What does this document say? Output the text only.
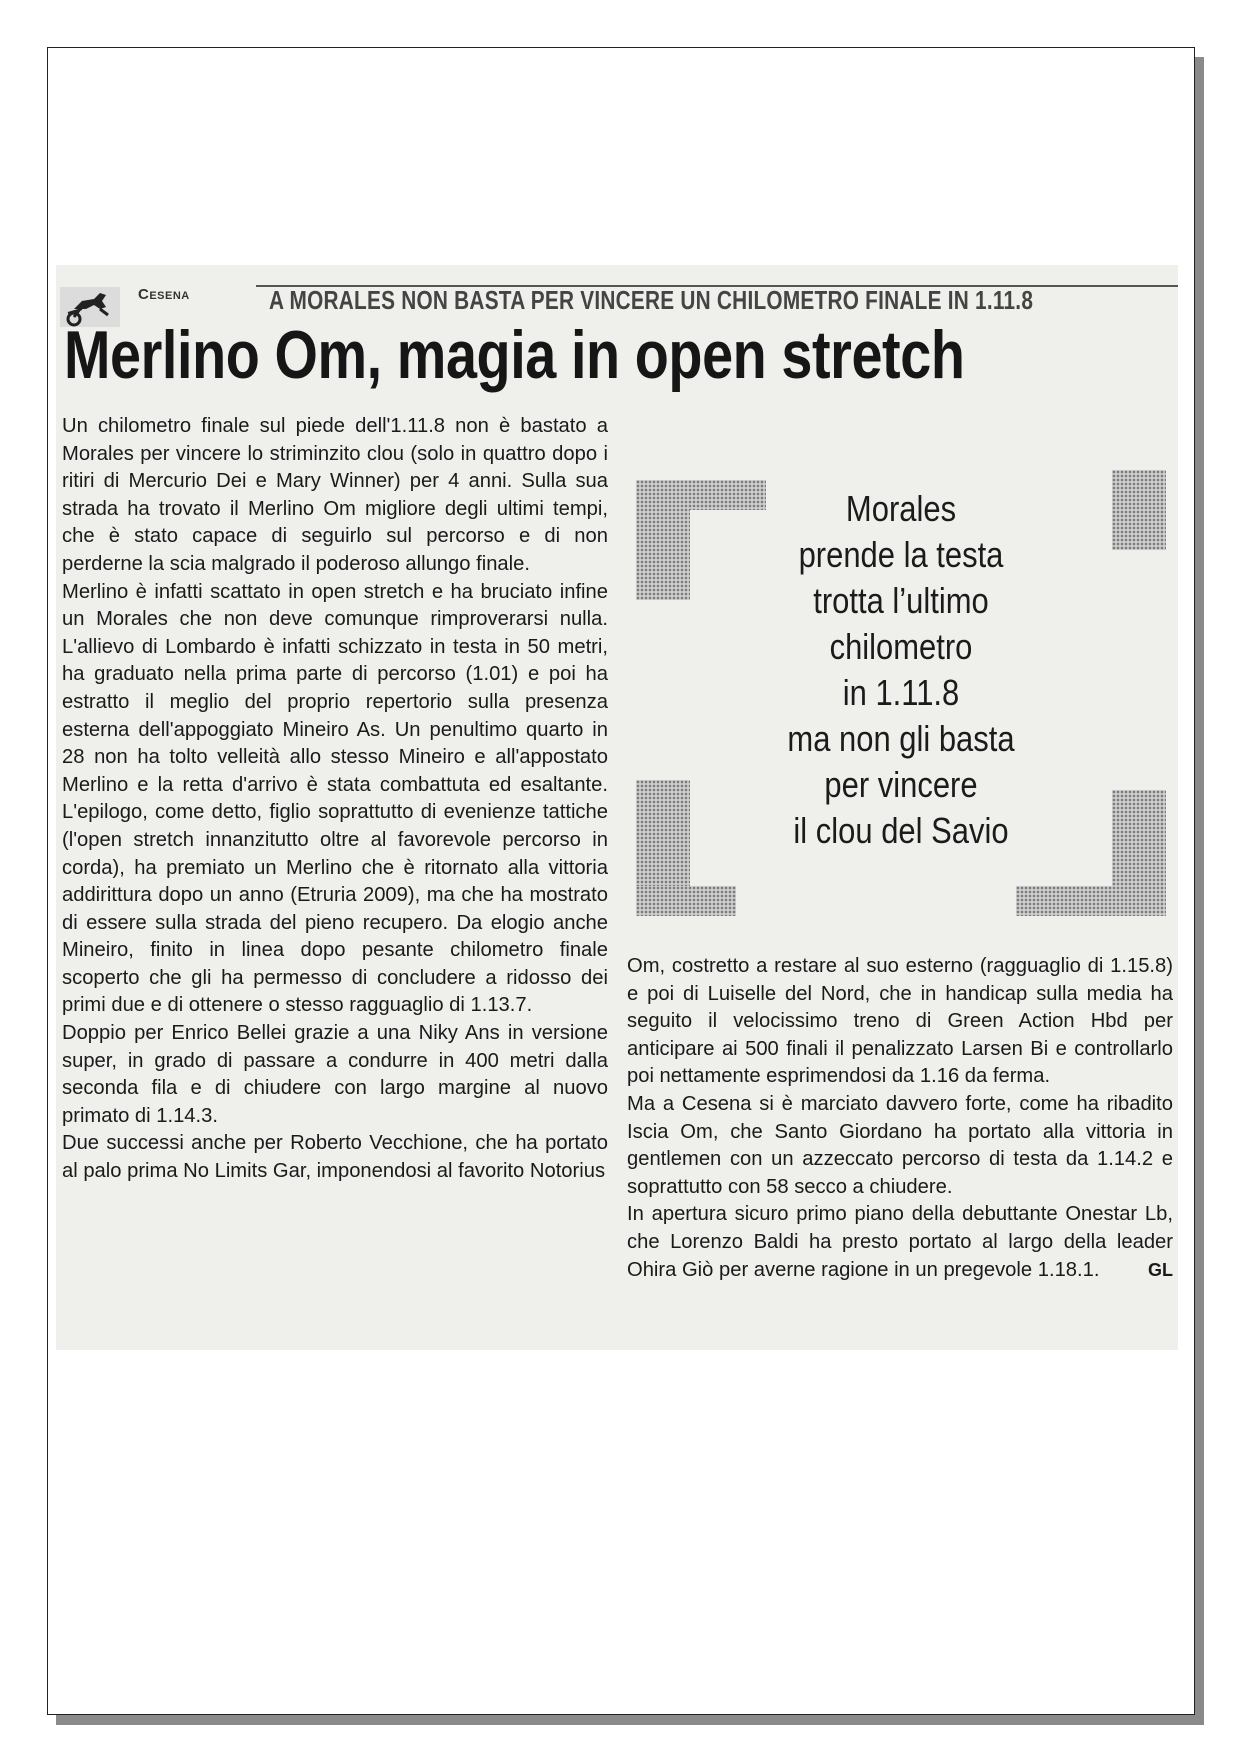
Cesena	A MORALES NON BASTA PER VINCERE UN CHILOMETRO FINALE IN 1.11.8
Merlino Om, magia in open stretch

Un chilometro finale sul piede dell'1.11.8 non è bastato a Morales per vincere lo striminzito clou (solo in quattro dopo i ritiri di Mercurio Dei e Mary Winner) per 4 anni. Sulla sua strada ha trovato il Merlino Om migliore degli ultimi tempi, che è stato capace di seguirlo sul percorso e di non perderne la scia malgrado il poderoso allungo finale.

Merlino è infatti scattato in open stretch e ha bruciato infine un Morales che non deve comunque rimproverarsi nulla. L'allievo di Lombardo è infatti schizzato in testa in 50 metri, ha graduato nella prima parte di percorso (1.01) e poi ha estratto il meglio del proprio repertorio sulla presenza esterna dell'appoggiato Mineiro As. Un penultimo quarto in 28 non ha tolto velleità allo stesso Mineiro e all'appostato Merlino e la retta d'arrivo è stata combattuta ed esaltante. L'epilogo, come detto, figlio soprattutto di evenienze tattiche (l'open stretch innanzitutto oltre al favorevole percorso in corda), ha premiato un Merlino che è ritornato alla vittoria addirittura dopo un anno (Etruria 2009), ma che ha mostrato di essere sulla strada del pieno recupero. Da elogio anche Mineiro, finito in linea dopo pesante chilometro finale scoperto che gli ha permesso di concludere a ridosso dei primi due e di ottenere o stesso ragguaglio di 1.13.7.

Doppio per Enrico Bellei grazie a una Niky Ans in versione super, in grado di passare a condurre in 400 metri dalla seconda fila e di chiudere con largo margine al nuovo primato di 1.14.3.

Due successi anche per Roberto Vecchione, che ha portato al palo prima No Limits Gar, imponendosi al favorito Notorius

Morales
prende la testa
trotta l’ultimo
chilometro
in 1.11.8
ma non gli basta
per vincere
il clou del Savio

Om, costretto a restare al suo esterno (ragguaglio di 1.15.8) e poi di Luiselle del Nord, che in handicap sulla media ha seguito il velocissimo treno di Green Action Hbd per anticipare ai 500 finali il penalizzato Larsen Bi e controllarlo poi nettamente esprimendosi da 1.16 da ferma.

Ma a Cesena si è marciato davvero forte, come ha ribadito Iscia Om, che Santo Giordano ha portato alla vittoria in gentlemen con un azzeccato percorso di testa da 1.14.2 e soprattutto con 58 secco a chiudere.

In apertura sicuro primo piano della debuttante Onestar Lb, che Lorenzo Baldi ha presto portato al largo della leader Ohira Giò per averne ragione in un pregevole 1.18.1.	GL
